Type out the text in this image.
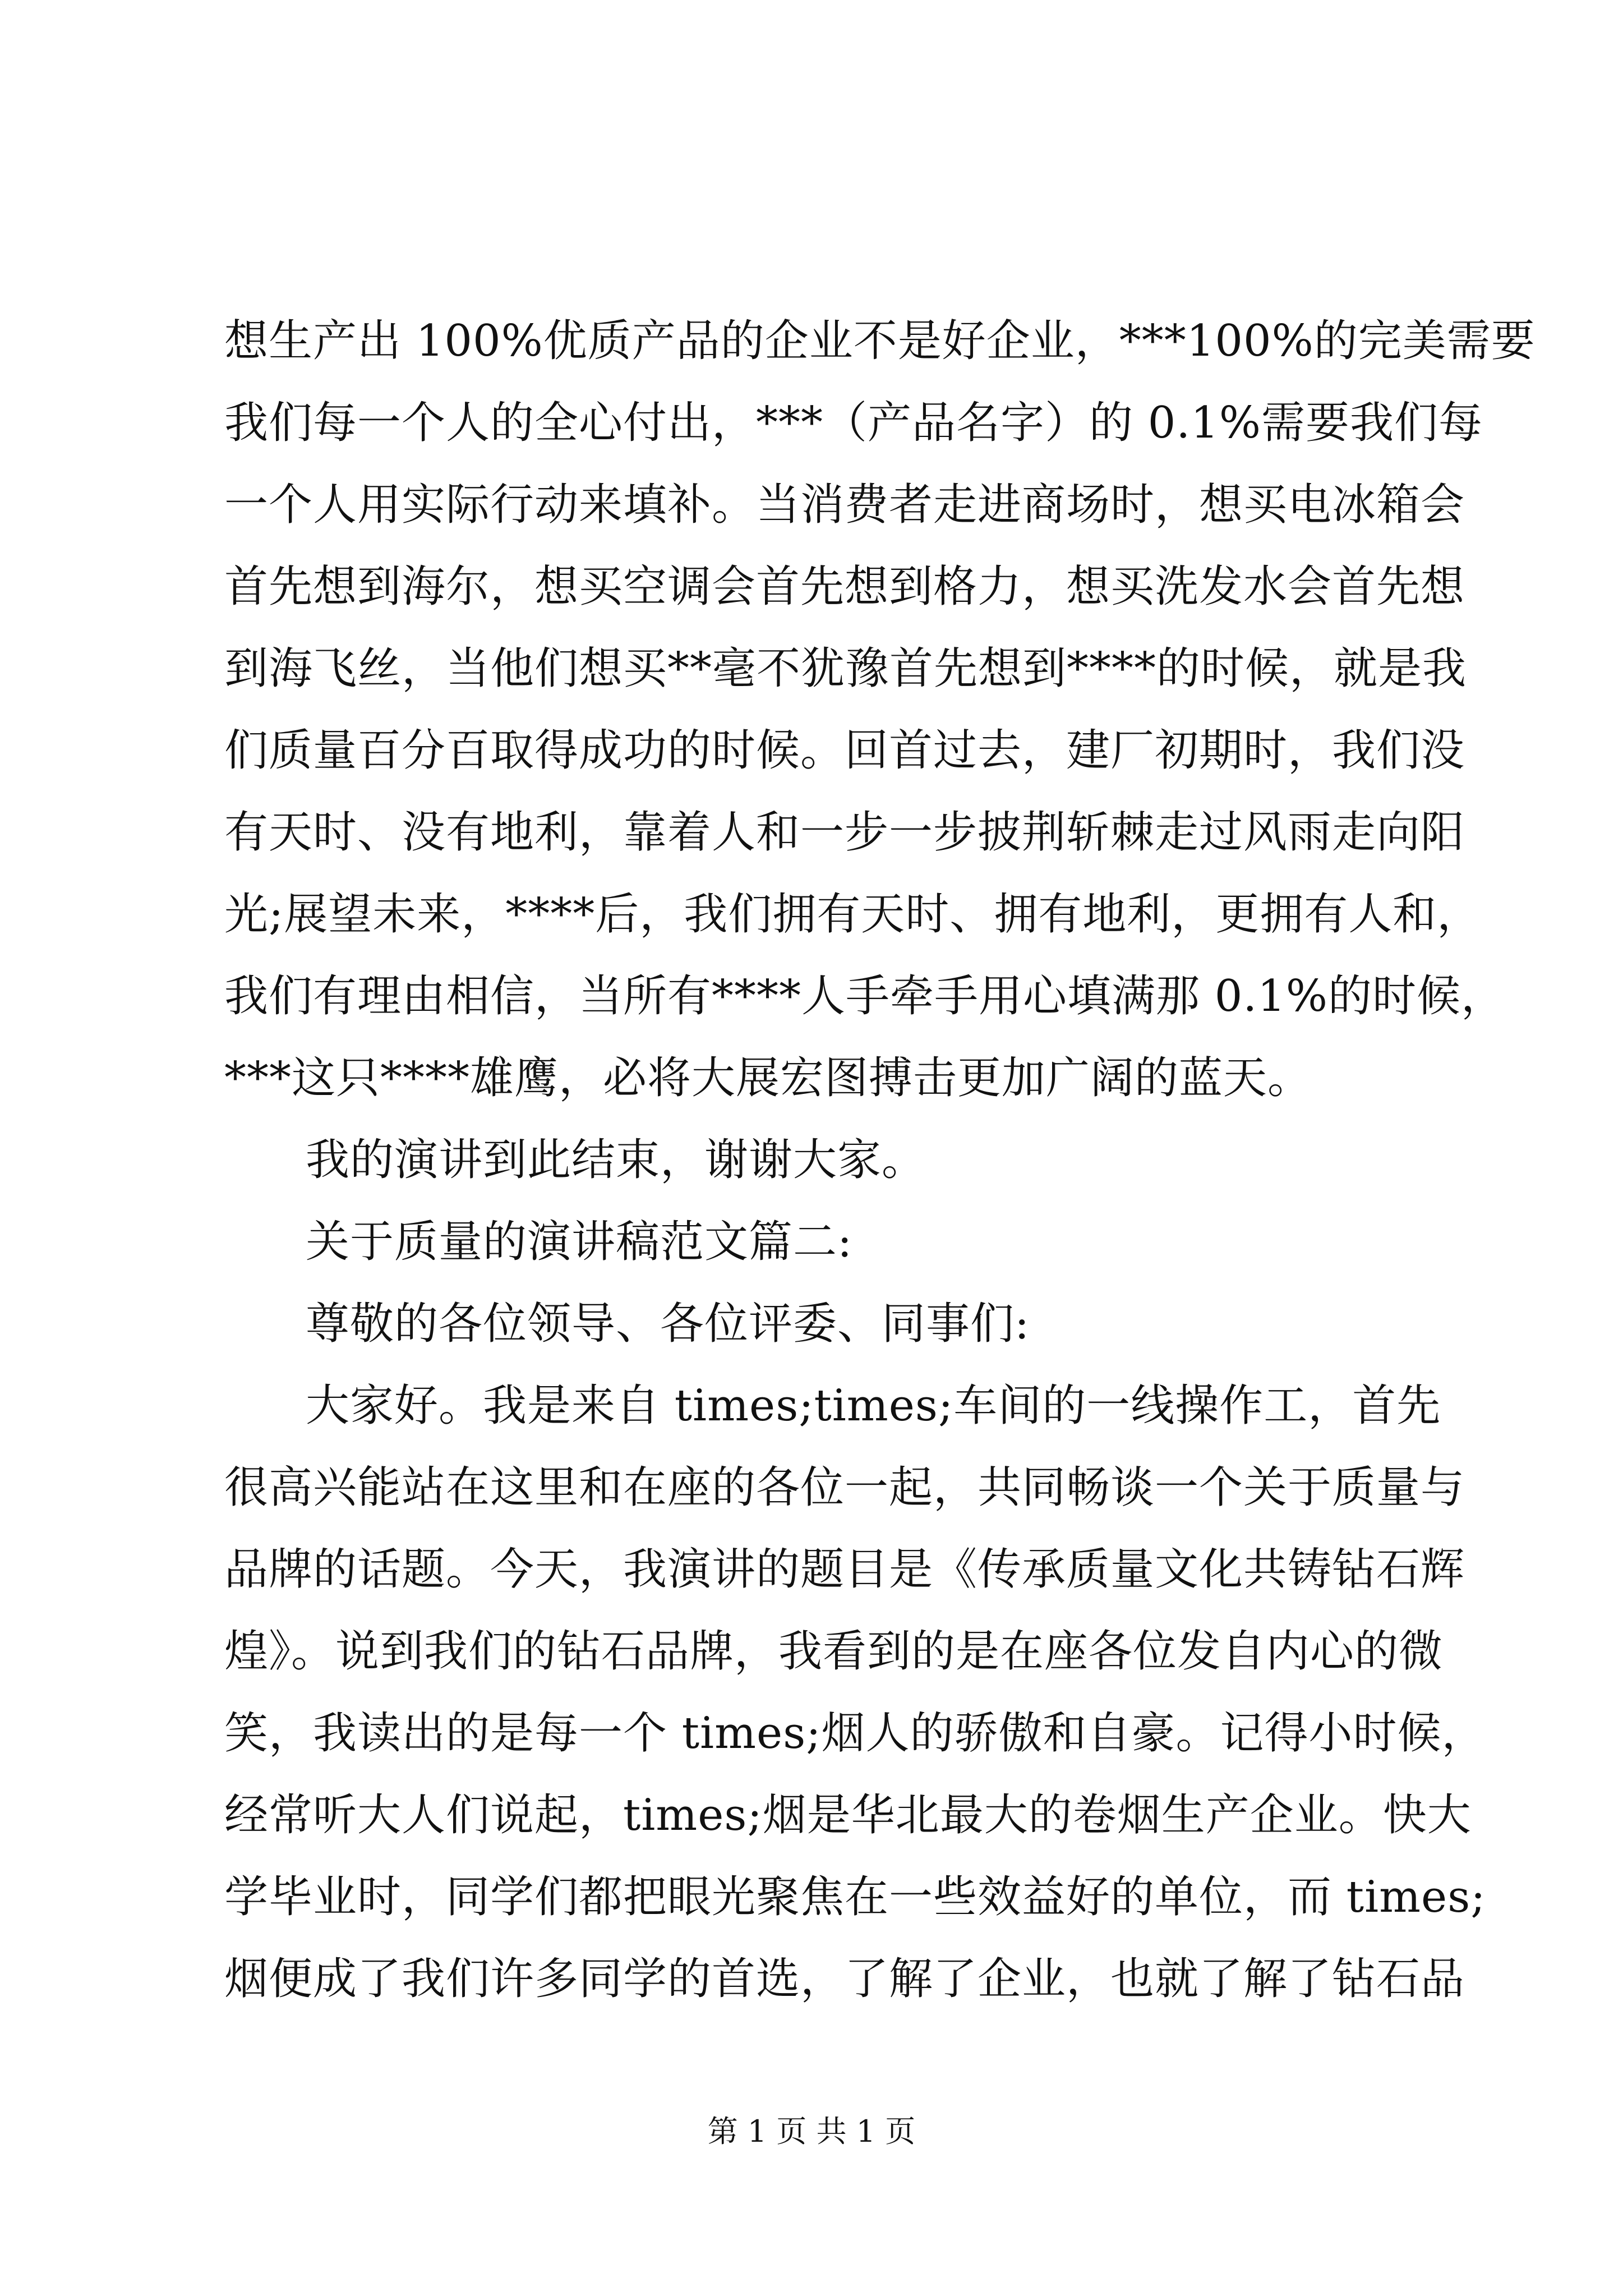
想生产出 100%优质产品的企业不是好企业，***100%的完美需要
我们每一个人的全心付出，***（产品名字）的 0.1%需要我们每
一个人用实际行动来填补。当消费者走进商场时，想买电冰箱会
首先想到海尔，想买空调会首先想到格力，想买洗发水会首先想
到海飞丝，当他们想买**毫不犹豫首先想到****的时候，就是我
们质量百分百取得成功的时候。回首过去，建厂初期时，我们没
有天时、没有地利，靠着人和一步一步披荆斩棘走过风雨走向阳
光;展望未来，****后，我们拥有天时、拥有地利，更拥有人和，
我们有理由相信，当所有****人手牵手用心填满那 0.1%的时候，
***这只****雄鹰，必将大展宏图搏击更加广阔的蓝天。
我的演讲到此结束，谢谢大家。
关于质量的演讲稿范文篇二:
尊敬的各位领导、各位评委、同事们:
大家好。我是来自 times;times;车间的一线操作工，首先
很高兴能站在这里和在座的各位一起，共同畅谈一个关于质量与
品牌的话题。今天，我演讲的题目是《传承质量文化共铸钻石辉
煌》。说到我们的钻石品牌，我看到的是在座各位发自内心的微
笑，我读出的是每一个 times;烟人的骄傲和自豪。记得小时候，
经常听大人们说起，times;烟是华北最大的卷烟生产企业。快大
学毕业时，同学们都把眼光聚焦在一些效益好的单位，而 times;
烟便成了我们许多同学的首选，了解了企业，也就了解了钻石品
第 1 页 共 1 页
